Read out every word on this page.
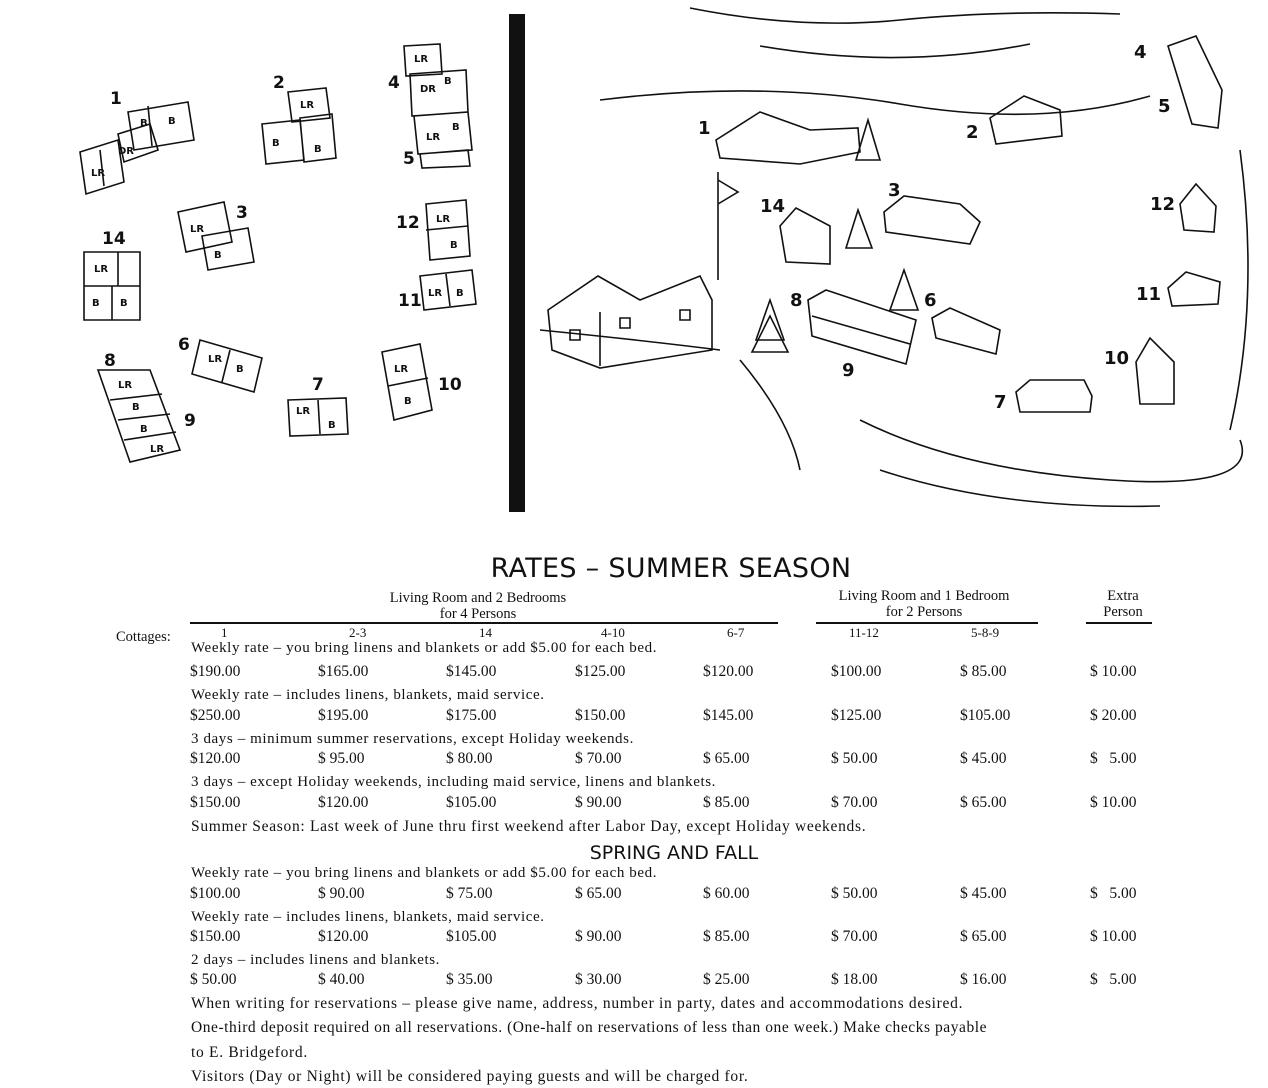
LR
DR
B B
1	LR
B
B
2
LR
B
3
LR
DR
B
LR
B
4
5
LR
B B
14
LR
B
12
LR B
11
LR
B
6
LR
B
7
LR
B
B
LR
8
9
LR
B
10
1	2
3
4
5
14
8
9
6
7
10
11
12
RATES – SUMMER SEASON
Living Room and 2 Bedrooms
for 4 Persons
Living Room and 1 Bedroom
for 2 Persons
Extra
Person
Cottages:	1	2-3	14	4-10	6-7	11-12	5-8-9
Weekly rate – you bring linens and blankets or add $5.00 for each bed.
$190.00	$165.00	$145.00	$125.00	$120.00	$100.00	$ 85.00	$ 10.00
Weekly rate – includes linens, blankets, maid service.
$250.00	$195.00	$175.00	$150.00	$145.00	$125.00	$105.00	$ 20.00
3 days – minimum summer reservations, except Holiday weekends.
$120.00	$ 95.00	$ 80.00	$ 70.00	$ 65.00	$ 50.00	$ 45.00	$   5.00
3 days – except Holiday weekends, including maid service, linens and blankets.
$150.00	$120.00	$105.00	$ 90.00	$ 85.00	$ 70.00	$ 65.00	$ 10.00
Summer Season: Last week of June thru first weekend after Labor Day, except Holiday weekends.
SPRING AND FALL
Weekly rate – you bring linens and blankets or add $5.00 for each bed.
$100.00	$ 90.00	$ 75.00	$ 65.00	$ 60.00	$ 50.00	$ 45.00	$   5.00
Weekly rate – includes linens, blankets, maid service.
$150.00	$120.00	$105.00	$ 90.00	$ 85.00	$ 70.00	$ 65.00	$ 10.00
2 days – includes linens and blankets.
$ 50.00	$ 40.00	$ 35.00	$ 30.00	$ 25.00	$ 18.00	$ 16.00	$   5.00
When writing for reservations – please give name, address, number in party, dates and accommodations desired.
One-third deposit required on all reservations. (One-half on reservations of less than one week.) Make checks payable
to E. Bridgeford.
Visitors (Day or Night) will be considered paying guests and will be charged for.
